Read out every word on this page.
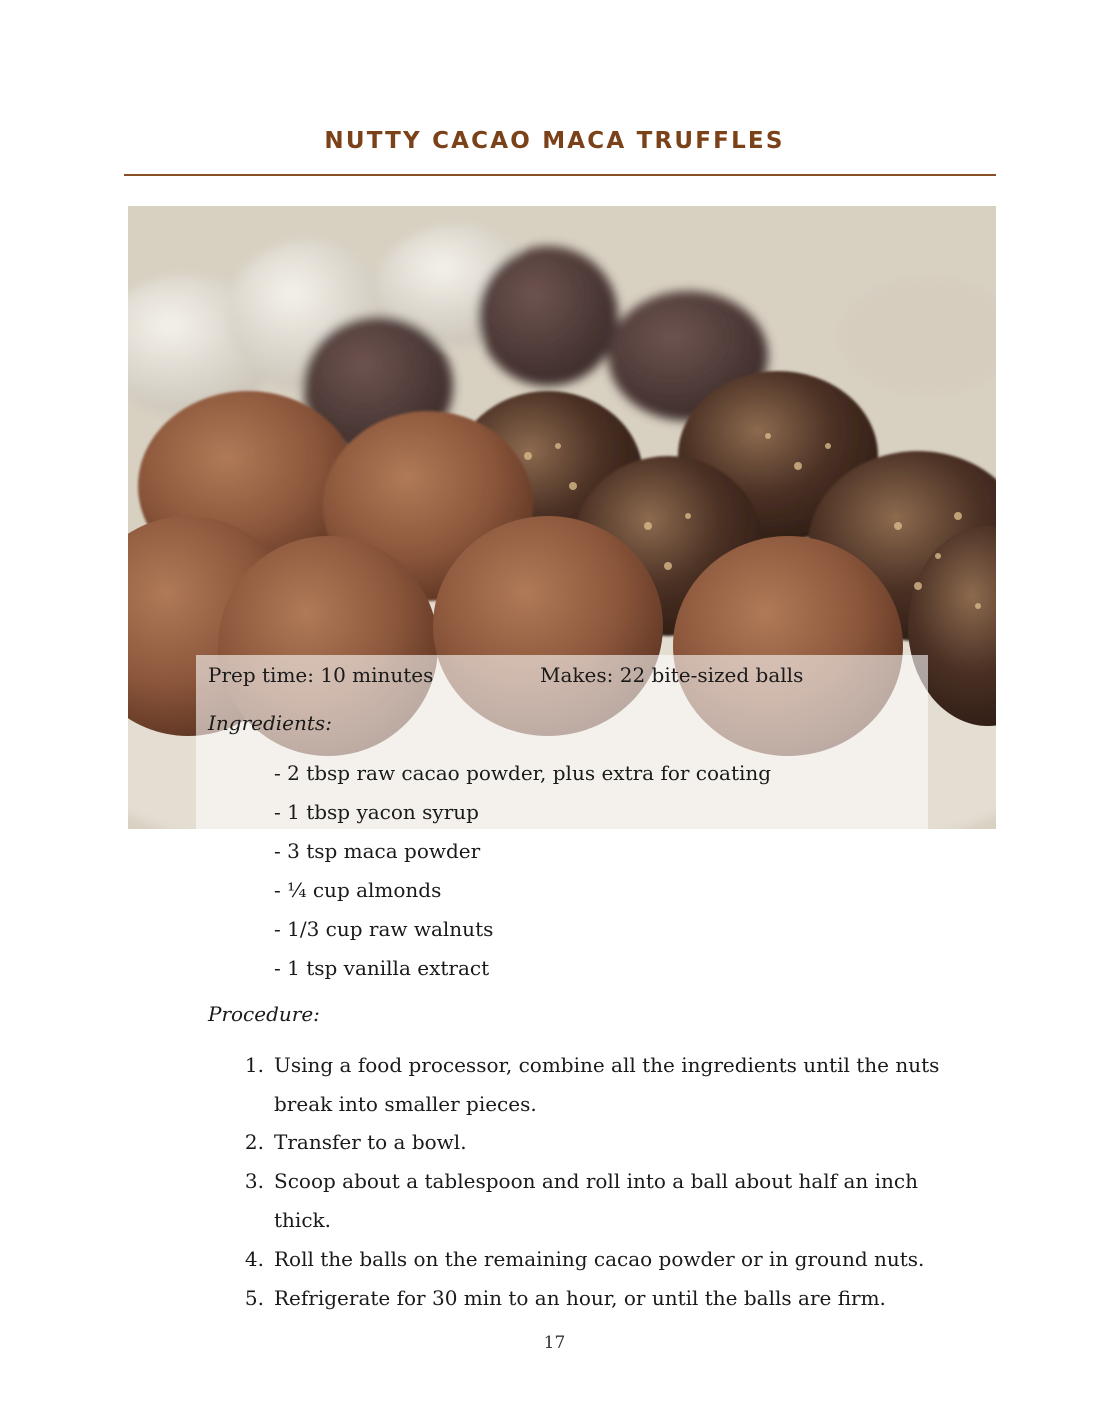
NUTTY CACAO MACA TRUFFLES
Prep time: 10 minutes	Makes: 22 bite-sized balls
Ingredients:
- 2 tbsp raw cacao powder, plus extra for coating
- 1 tbsp yacon syrup
- 3 tsp maca powder
- ¼ cup almonds
- 1/3 cup raw walnuts
- 1 tsp vanilla extract
Procedure:
1. Using a food processor, combine all the ingredients until the nuts
break into smaller pieces.
2. Transfer to a bowl.
3. Scoop about a tablespoon and roll into a ball about half an inch
thick.
4. Roll the balls on the remaining cacao powder or in ground nuts.
5. Refrigerate for 30 min to an hour, or until the balls are firm.
17
